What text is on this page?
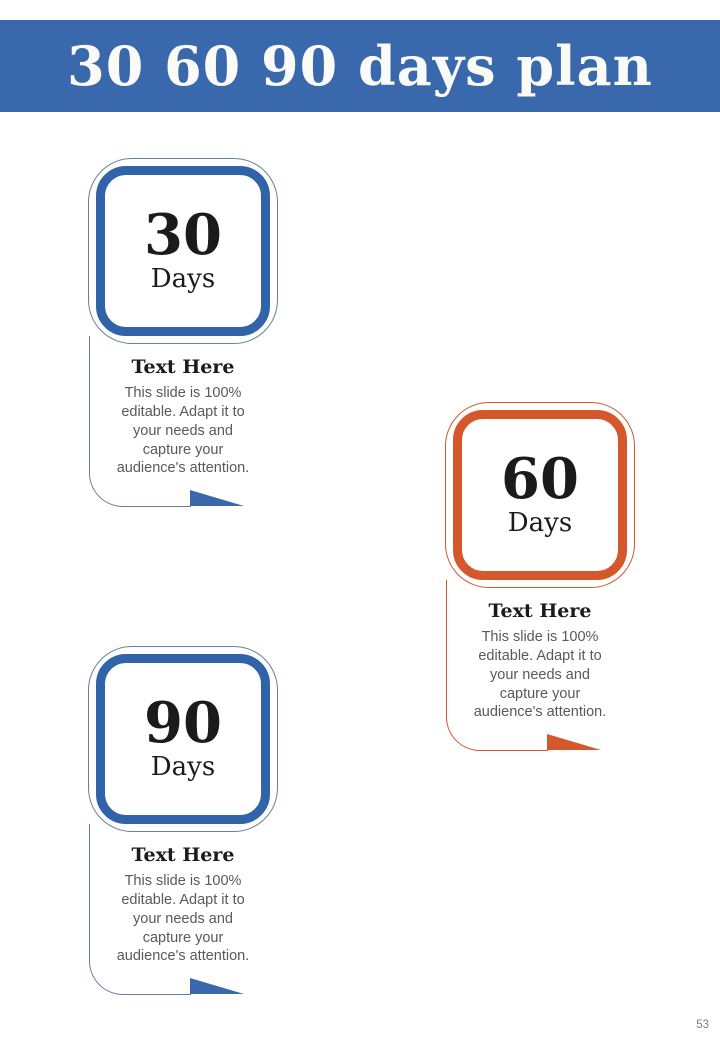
30 60 90 days plan
30
Days
Text Here

This slide is 100% editable. Adapt it to your needs and capture your audience's attention.	60
Days
Text Here

This slide is 100% editable. Adapt it to your needs and capture your audience's attention.

90
Days
Text Here

This slide is 100% editable. Adapt it to your needs and capture your audience's attention.

53
